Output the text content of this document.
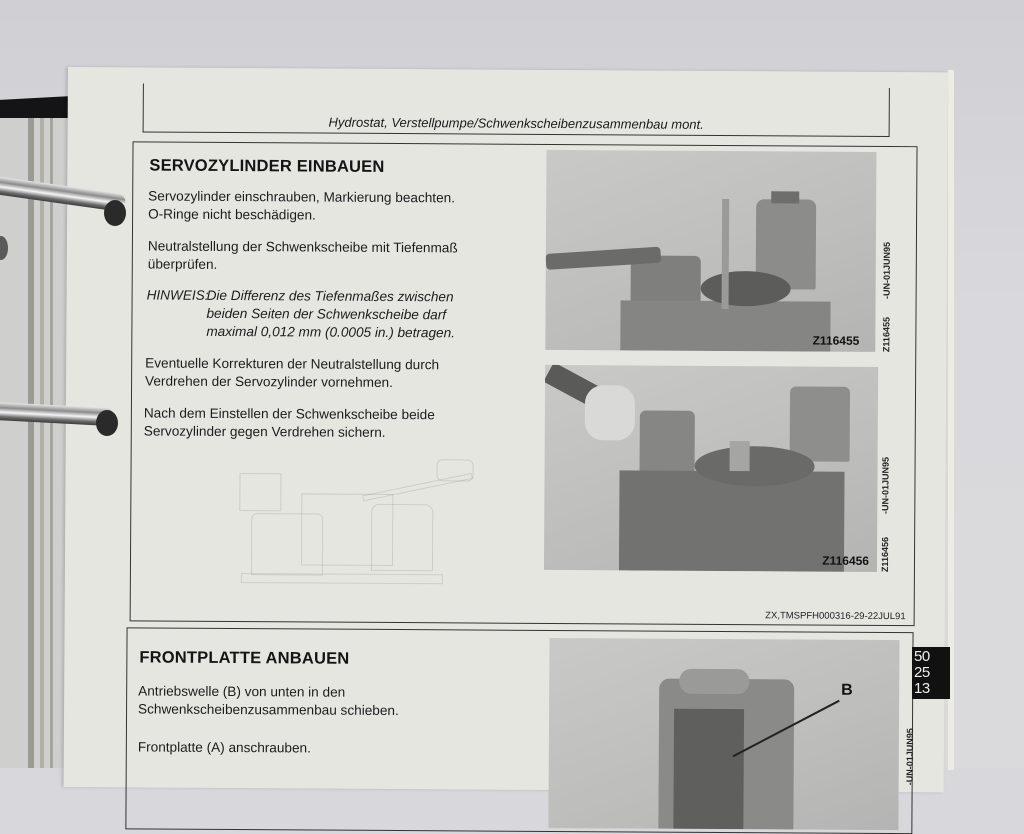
Hydrostat, Verstellpumpe/Schwenkscheibenzusammenbau mont.
SERVOZYLINDER EINBAUEN
Servozylinder einschrauben, Markierung beachten.
O-Ringe nicht beschädigen.
Neutralstellung der Schwenkscheibe mit Tiefenmaß
überprüfen.
HINWEIS:
Die Differenz des Tiefenmaßes zwischen
beiden Seiten der Schwenkscheibe darf
maximal 0,012 mm (0.0005 in.) betragen.
Eventuelle Korrekturen der Neutralstellung durch
Verdrehen der Servozylinder vornehmen.
Nach dem Einstellen der Schwenkscheibe beide
Servozylinder gegen Verdrehen sichern.
Z116455
-UN-01JUN95
Z116455
Z116456
-UN-01JUN95
Z116456
ZX,TMSPFH000316-29-22JUL91
FRONTPLATTE ANBAUEN
Antriebswelle (B) von unten in den
Schwenkscheibenzusammenbau schieben.
Frontplatte (A) anschrauben.
B
-UN-01JUN95
50
25
13
